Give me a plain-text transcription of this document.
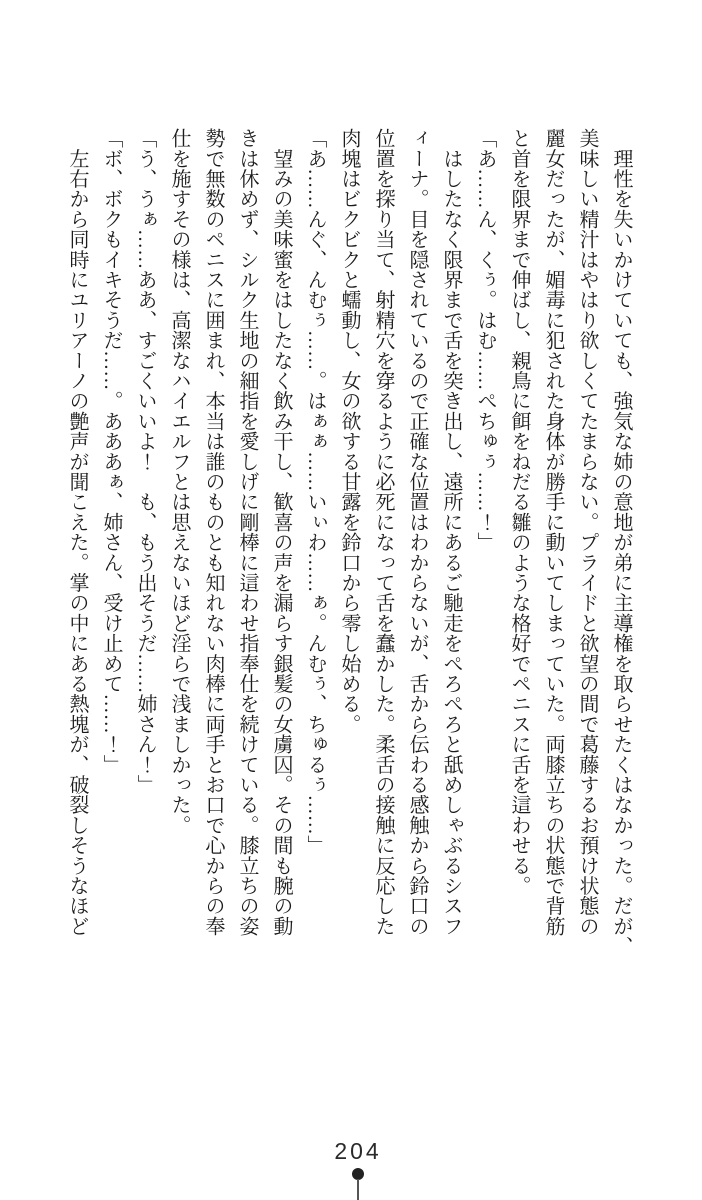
　理性を失いかけていても、強気な姉の意地が弟に主導権を取らせたくはなかった。だが、
美味しい精汁はやはり欲しくてたまらない。プライドと欲望の間で葛藤するお預け状態の
麗女だったが、媚毒に犯された身体が勝手に動いてしまっていた。両膝立ちの状態で背筋
と首を限界まで伸ばし、親鳥に餌をねだる雛のような格好でペニスに舌を這わせる。
「あ……ん、くぅ。はむ……ぺちゅぅ……！」
　はしたなく限界まで舌を突き出し、遠所にあるご馳走をぺろぺろと舐めしゃぶるシスフ
ィーナ。目を隠されているので正確な位置はわからないが、舌から伝わる感触から鈴口の
位置を探り当て、射精穴を穿るように必死になって舌を蠢かした。柔舌の接触に反応した
肉塊はビクビクと蠕動し、女の欲する甘露を鈴口から零し始める。
「あ……んぐ、んむぅ……。はぁぁ……いぃわ……ぁ。んむぅ、ちゅるぅ……」
　望みの美味蜜をはしたなく飲み干し、歓喜の声を漏らす銀髪の女虜囚。その間も腕の動
きは休めず、シルク生地の細指を愛しげに剛棒に這わせ指奉仕を続けている。膝立ちの姿
勢で無数のペニスに囲まれ、本当は誰のものとも知れない肉棒に両手とお口で心からの奉
仕を施すその様は、高潔なハイエルフとは思えないほど淫らで浅ましかった。
「う、うぁ……ああ、すごくいいよ！　も、もう出そうだ……姉さん！」
「ボ、ボクもイキそうだ……。あああぁ、姉さん、受け止めて……！」
　左右から同時にユリアーノの艶声が聞こえた。掌の中にある熱塊が、破裂しそうなほど
204
